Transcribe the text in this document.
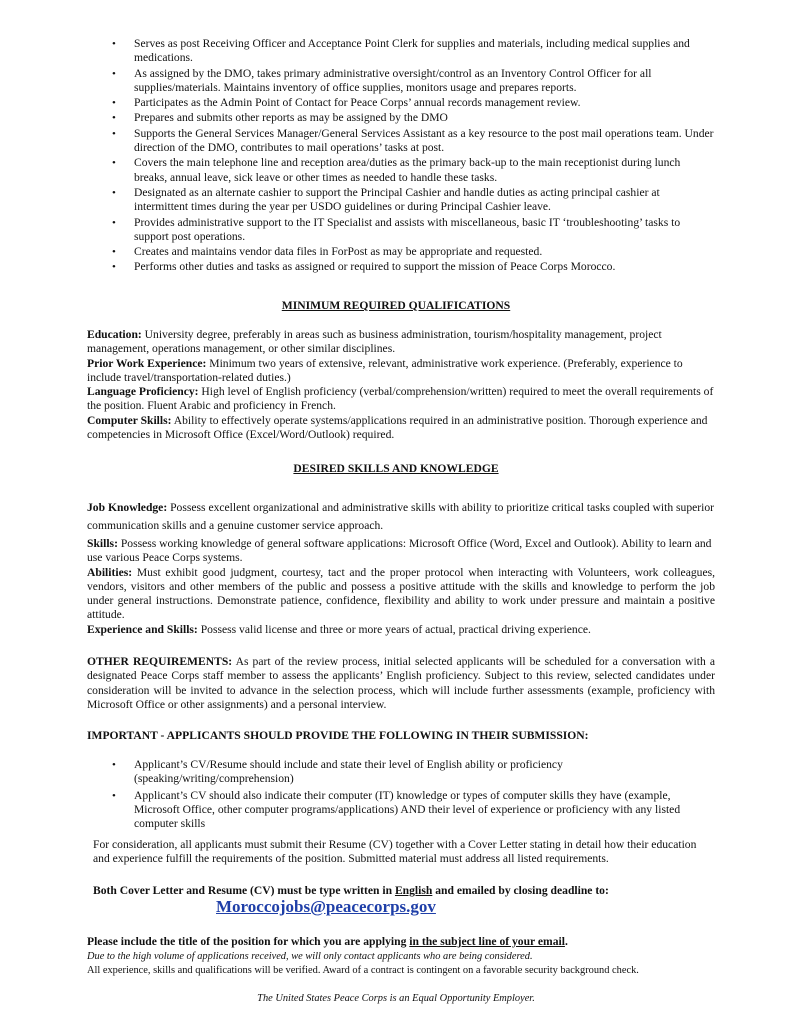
• Serves as post Receiving Officer and Acceptance Point Clerk for supplies and materials, including medical supplies and medications.
• As assigned by the DMO, takes primary administrative oversight/control as an Inventory Control Officer for all supplies/materials. Maintains inventory of office supplies, monitors usage and prepares reports.
• Participates as the Admin Point of Contact for Peace Corps’ annual records management review.
• Prepares and submits other reports as may be assigned by the DMO
• Supports the General Services Manager/General Services Assistant as a key resource to the post mail operations team. Under direction of the DMO, contributes to mail operations’ tasks at post.
• Covers the main telephone line and reception area/duties as the primary back-up to the main receptionist during lunch breaks, annual leave, sick leave or other times as needed to handle these tasks.
• Designated as an alternate cashier to support the Principal Cashier and handle duties as acting principal cashier at intermittent times during the year per USDO guidelines or during Principal Cashier leave.
• Provides administrative support to the IT Specialist and assists with miscellaneous, basic IT ‘troubleshooting’ tasks to support post operations.
• Creates and maintains vendor data files in ForPost as may be appropriate and requested.
• Performs other duties and tasks as assigned or required to support the mission of Peace Corps Morocco.
MINIMUM REQUIRED QUALIFICATIONS

Education: University degree, preferably in areas such as business administration, tourism/hospitality management, project management, operations management, or other similar disciplines.

Prior Work Experience: Minimum two years of extensive, relevant, administrative work experience. (Preferably, experience to include travel/transportation-related duties.)

Language Proficiency: High level of English proficiency (verbal/comprehension/written) required to meet the overall requirements of the position. Fluent Arabic and proficiency in French.

Computer Skills: Ability to effectively operate systems/applications required in an administrative position. Thorough experience and competencies in Microsoft Office (Excel/Word/Outlook) required.

DESIRED SKILLS AND KNOWLEDGE

Job Knowledge: Possess excellent organizational and administrative skills with ability to prioritize critical tasks coupled with superior communication skills and a genuine customer service approach.

Skills: Possess working knowledge of general software applications: Microsoft Office (Word, Excel and Outlook). Ability to learn and use various Peace Corps systems.

Abilities: Must exhibit good judgment, courtesy, tact and the proper protocol when interacting with Volunteers, work colleagues, vendors, visitors and other members of the public and possess a positive attitude with the skills and knowledge to perform the job under general instructions. Demonstrate patience, confidence, flexibility and ability to work under pressure and maintain a positive attitude.

Experience and Skills: Possess valid license and three or more years of actual, practical driving experience.

OTHER REQUIREMENTS: As part of the review process, initial selected applicants will be scheduled for a conversation with a designated Peace Corps staff member to assess the applicants’ English proficiency. Subject to this review, selected candidates under consideration will be invited to advance in the selection process, which will include further assessments (example, proficiency with Microsoft Office or other assignments) and a personal interview.
IMPORTANT - APPLICANTS SHOULD PROVIDE THE FOLLOWING IN THEIR SUBMISSION:
• Applicant’s CV/Resume should include and state their level of English ability or proficiency (speaking/writing/comprehension)
• Applicant’s CV should also indicate their computer (IT) knowledge or types of computer skills they have (example, Microsoft Office, other computer programs/applications) AND their level of experience or proficiency with any listed computer skills
For consideration, all applicants must submit their Resume (CV) together with a Cover Letter stating in detail how their education and experience fulfill the requirements of the position. Submitted material must address all listed requirements.
Both Cover Letter and Resume (CV) must be type written in English and emailed by closing deadline to:
Moroccojobs@peacecorps.gov
Please include the title of the position for which you are applying in the subject line of your email.
Due to the high volume of applications received, we will only contact applicants who are being considered.
All experience, skills and qualifications will be verified. Award of a contract is contingent on a favorable security background check.
The United States Peace Corps is an Equal Opportunity Employer.
